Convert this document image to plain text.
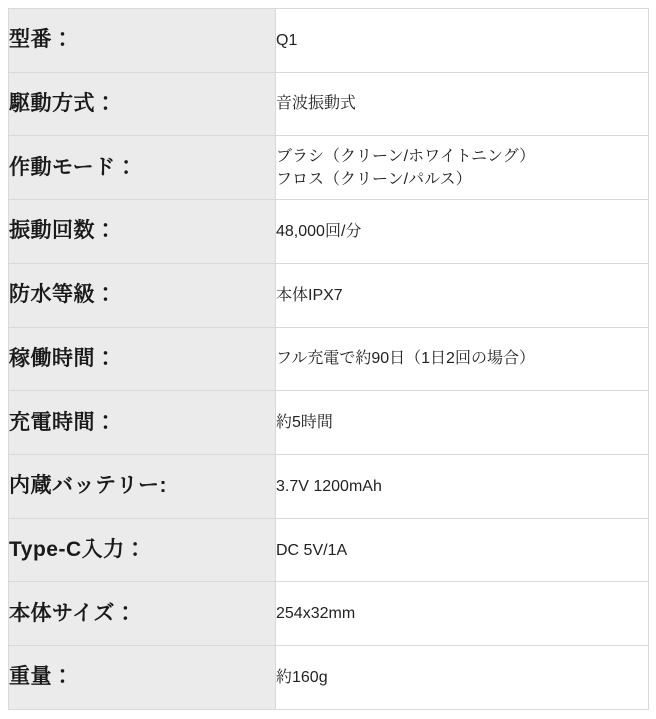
型番：	Q1

駆動方式：	音波振動式

作動モード：	ブラシ（クリーン/ホワイトニング）
フロス（クリーン/パルス）

振動回数：	48,000回/分

防水等級：	本体IPX7

稼働時間：	フル充電で約90日（1日2回の場合）

充電時間：	約5時間

内蔵バッテリー:	3.7V 1200mAh

Type-C入力：	DC 5V/1A

本体サイズ：	254x32mm

重量：	約160g
